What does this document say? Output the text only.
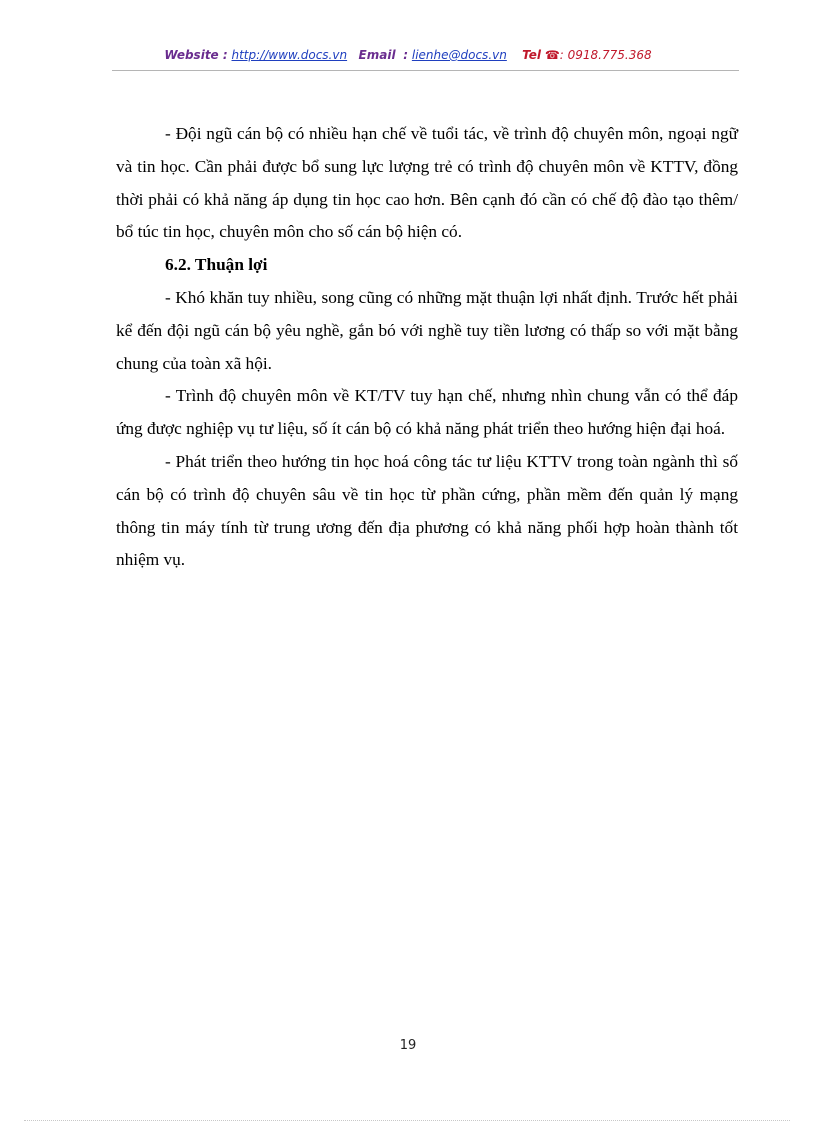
Website : http://www.docs.vn Email : lienhe@docs.vn Tel ☎: 0918.775.368

- Đội ngũ cán bộ có nhiều hạn chế về tuổi tác, về trình độ chuyên môn, ngoại ngữ và tin học. Cần phải được bổ sung lực lượng trẻ có trình độ chuyên môn về KTTV, đồng thời phải có khả năng áp dụng tin học cao hơn. Bên cạnh đó cần có chế độ đào tạo thêm/ bổ túc tin học, chuyên môn cho số cán bộ hiện có.

6.2. Thuận lợi

- Khó khăn tuy nhiều, song cũng có những mặt thuận lợi nhất định. Trước hết phải kể đến đội ngũ cán bộ yêu nghề, gắn bó với nghề tuy tiền lương có thấp so với mặt bằng chung của toàn xã hội.

- Trình độ chuyên môn về KT/TV tuy hạn chế, nhưng nhìn chung vẫn có thể đáp ứng được nghiệp vụ tư liệu, số ít cán bộ có khả năng phát triển theo hướng hiện đại hoá.

- Phát triển theo hướng tin học hoá công tác tư liệu KTTV trong toàn ngành thì số cán bộ có trình độ chuyên sâu về tin học từ phần cứng, phần mềm đến quản lý mạng thông tin máy tính từ trung ương đến địa phương có khả năng phối hợp hoàn thành tốt nhiệm vụ.

19
